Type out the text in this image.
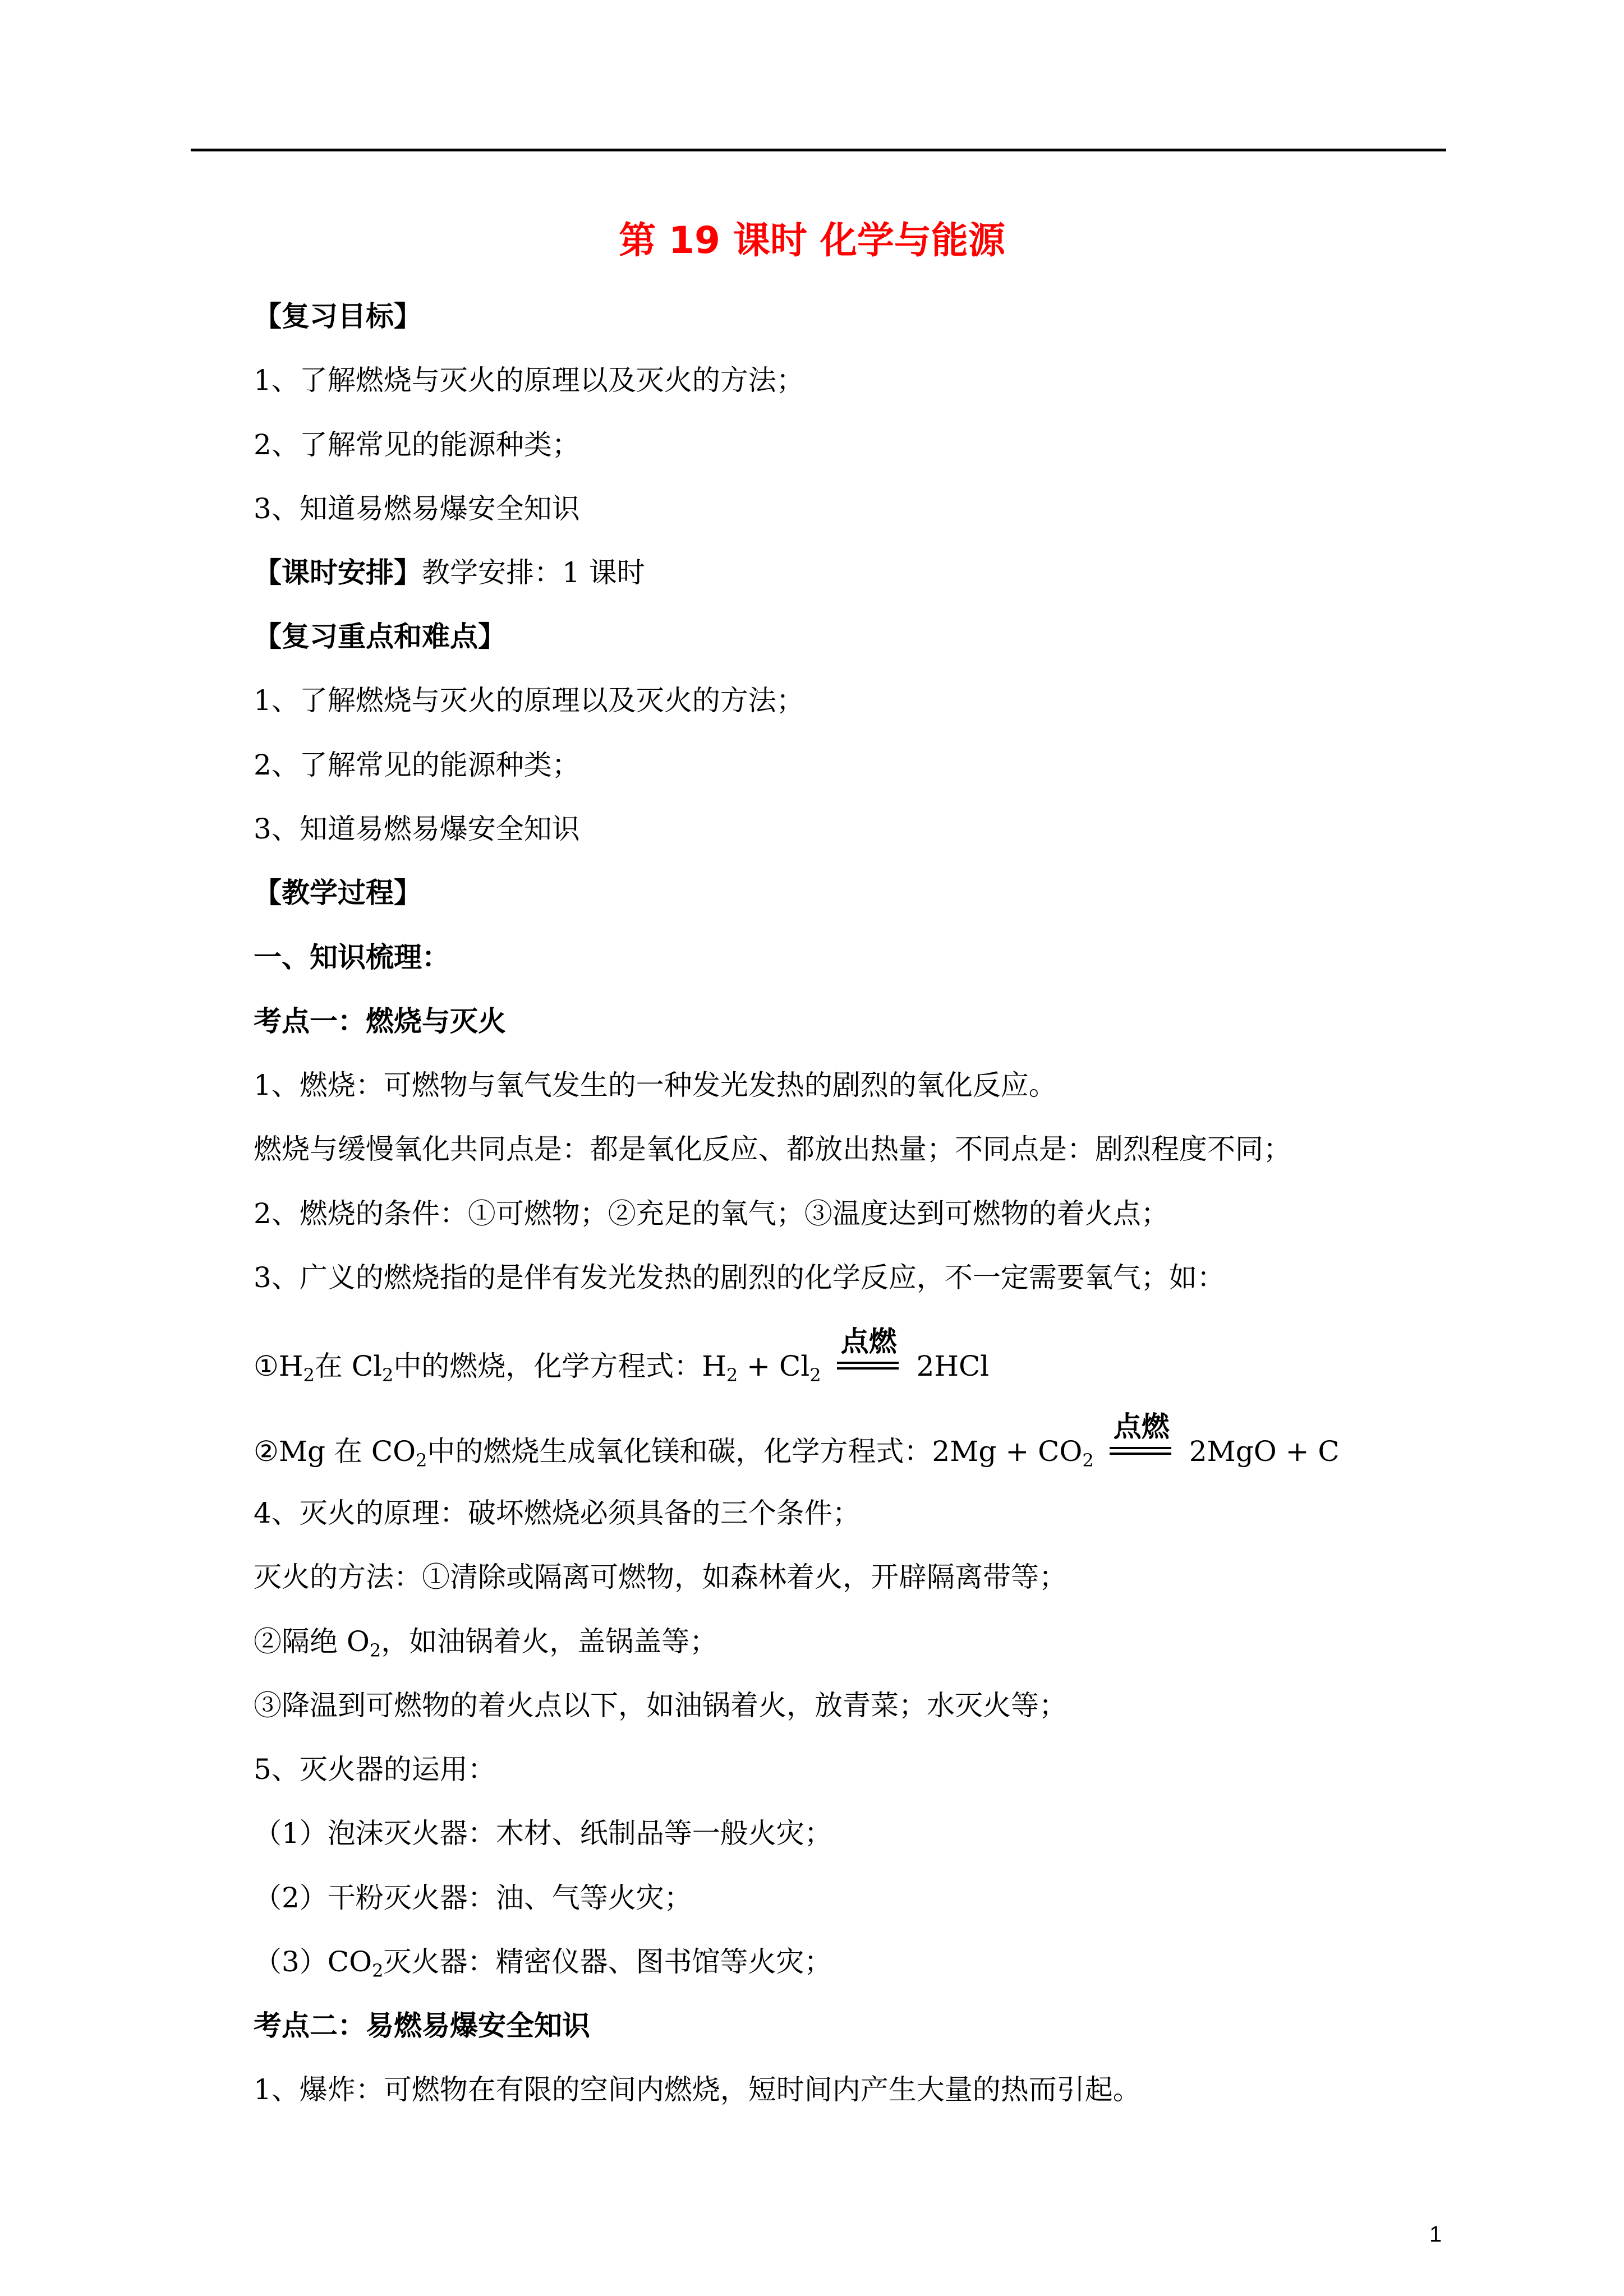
第 19 课时 化学与能源
【复习目标】
1、了解燃烧与灭火的原理以及灭火的方法；
2、了解常见的能源种类；
3、知道易燃易爆安全知识
【课时安排】教学安排：1 课时
【复习重点和难点】
1、了解燃烧与灭火的原理以及灭火的方法；
2、了解常见的能源种类；
3、知道易燃易爆安全知识
【教学过程】
一、知识梳理：
考点一：燃烧与灭火
1、燃烧：可燃物与氧气发生的一种发光发热的剧烈的氧化反应。
燃烧与缓慢氧化共同点是：都是氧化反应、都放出热量；不同点是：剧烈程度不同；
2、燃烧的条件：①可燃物；②充足的氧气；③温度达到可燃物的着火点；
3、广义的燃烧指的是伴有发光发热的剧烈的化学反应，不一定需要氧气；如：
$①H_2$在 $Cl_2$中的燃烧，化学方程式：$H_2 + Cl_2$
点燃
2HCl
②Mg 在 $CO_2$中的燃烧生成氧化镁和碳，化学方程式：$2Mg + CO_2$
点燃
2MgO + C
4、灭火的原理：破坏燃烧必须具备的三个条件；
灭火的方法：①清除或隔离可燃物，如森林着火，开辟隔离带等；
②隔绝 $O_2$，如油锅着火，盖锅盖等；
③降温到可燃物的着火点以下，如油锅着火，放青菜；水灭火等；
5、灭火器的运用：
（1）泡沫灭火器：木材、纸制品等一般火灾；
（2）干粉灭火器：油、气等火灾；
$(3)CO_2$灭火器：精密仪器、图书馆等火灾；
考点二：易燃易爆安全知识
1、爆炸：可燃物在有限的空间内燃烧，短时间内产生大量的热而引起。
1
